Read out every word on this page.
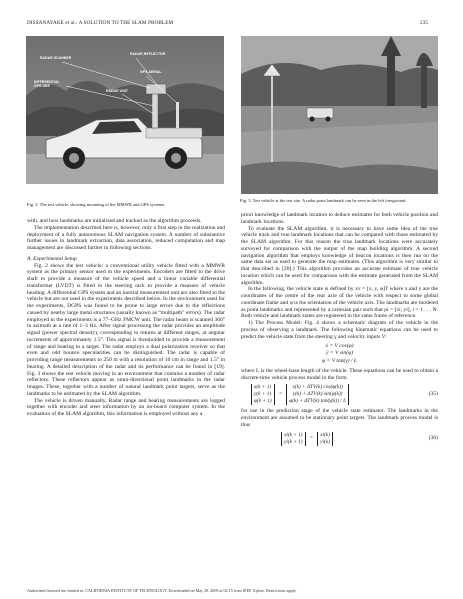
DISSANAYAKE et al.: A SOLUTION TO THE SLAM PROBLEM	235
RADAR SCANNER
RADAR REFLECTOR
DIFFERENTIAL
GPS DRE
GPS AERIAL
RADAR UNIT
Fig. 2. The test vehicle, showing mounting of the MMWR and GPS systems.
Fig. 3. Test vehicle at the test site. A radar point landmark can be seen in the left foreground.

with, and how landmarks are initialized and tracked as the algorithm proceeds.

The implementation described here is, however, only a first step in the realization and deployment of a fully autonomous SLAM navigation system. A number of substantive further issues in landmark extraction, data association, reduced computation and map management are discussed further in following sections.

A. Experimental Setup

Fig. 2 shows the test vehicle; a conventional utility vehicle fitted with a MMWR system as the primary sensor used in the experiments. Encoders are fitted to the drive shaft to provide a measure of the vehicle speed and a linear variable differential transformer (LVDT) is fitted to the steering rack to provide a measure of vehicle heading. A differential GPS system and an inertial measurement unit are also fitted to the vehicle but are not used in the experiments described below. In the environment used for the experiments, DGPS was found to be prone to large errors due to the reflections caused by nearby large metal structures (usually known as “multipath” errors). The radar employed in the experiments is a 77–GHz FMCW unit. The radar beam is scanned 360° in azimuth at a rate of 1–3 Hz. After signal processing the radar provides an amplitude signal (power spectral density), corresponding to returns at different ranges, at angular increments of approximately 1.5°. This signal is thresholded to provide a measurement of range and bearing to a target. The radar employs a dual polarization receiver so that even and odd bounce specularities can be distinguished. The radar is capable of providing range measurements to 250 m with a resolution of 10 cm in range and 1.5° in bearing. A detailed description of the radar and its performance can be found in [19]. Fig. 3 shows the test vehicle moving in an environment that contains a number of radar reflectors. These reflectors appear as omni-directional point landmarks in the radar images. These, together with a number of natural landmark point targets, serve as the landmarks to be estimated by the SLAM algorithm.

The vehicle is driven manually. Radar range and bearing measurements are logged together with encoder and steer information by an on-board computer system. In the evaluation of the SLAM algorithm, this information is employed without any a

priori knowledge of landmark location to deduce estimates for both vehicle position and landmark locations.

To evaluate the SLAM algorithm, it is necessary to have some idea of the true vehicle track and true landmark locations that can be compared with those estimated by the SLAM algorithm. For this reason the true landmark locations were accurately surveyed for comparison with the output of the map building algorithm. A second navigation algorithm that employs knowledge of beacon locations is then run on the same data set as used to generate the map estimates. (This algorithm is very similar to that described in [20].) This algorithm provides an accurate estimate of true vehicle location which can be used for comparison with the estimate generated from the SLAM algorithm.

In the following, the vehicle state is defined by xv = [x, y, φ]T where x and y are the coordinates of the centre of the rear axle of the vehicle with respect to some global coordinate frame and φ is the orientation of the vehicle axis. The landmarks are modeled as point landmarks and represented by a cartesian pair such that pi = [xi, yi], i = 1 . . . N. Both vehicle and landmark states are registered in the same frame of reference.

1) The Process Model: Fig. 4 shows a schematic diagram of the vehicle in the process of observing a landmark. The following kinematic equations can be used to predict the vehicle state from the steering γ and velocity inputs V:

ẋ = V cos(φ)
ẏ = V sin(φ)
φ̇ = V tan(γ) / L

where L is the wheel-base length of the vehicle. These equations can be used to obtain a discrete-time vehicle process model in the form

x(k + 1)
y(k + 1)
φ(k + 1)
=
x(k) + ΔTV(k) cos(φ(k))
y(k) + ΔTV(k) sin(φ(k))
φ(k) + ΔTV(k) tan(γ(k)) / L
(35)

for use in the prediction stage of the vehicle state estimator. The landmarks in the environment are assumed to be stationary point targets. The landmark process model is thus

xi(k + 1)
yi(k + 1)
=
xi(k)
yi(k)
(36)
Authorized licensed use limited to: CALIFORNIA INSTITUTE OF TECHNOLOGY. Downloaded on May 29, 2009 at 02:15 from IEEE Xplore. Restrictions apply.
